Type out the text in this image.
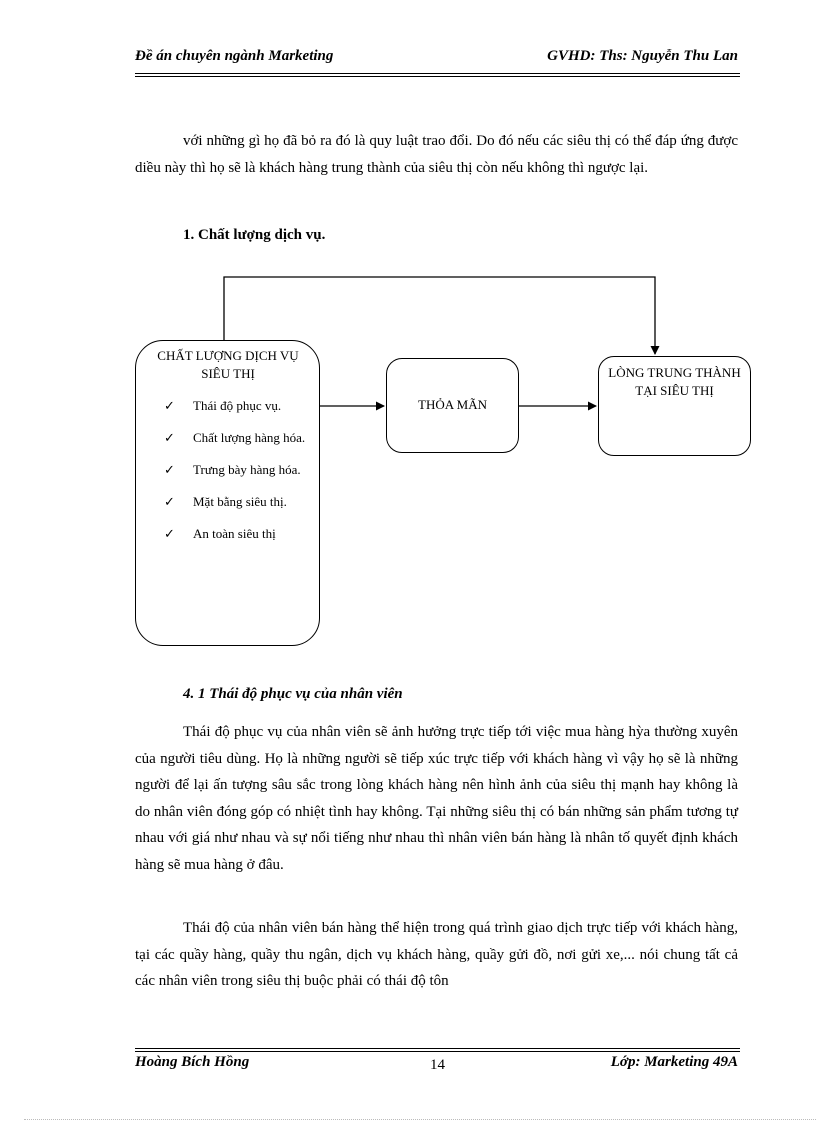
Đề án chuyên ngành Marketing	GVHD: Ths: Nguyễn Thu Lan
với những gì họ đã bỏ ra đó là quy luật trao đổi. Do đó nếu các siêu thị có thể đáp ứng được diều này thì họ sẽ là khách hàng trung thành của siêu thị còn nếu không thì ngược lại.
1. Chất lượng dịch vụ.
CHẤT LƯỢNG DỊCH VỤ SIÊU THỊ
✓ Thái độ phục vụ.
✓ Chất lượng hàng hóa.
✓ Trưng bày hàng hóa.
✓ Mặt bằng siêu thị.
✓ An toàn siêu thị
THỎA MÃN
LÒNG TRUNG THÀNH TẠI SIÊU THỊ
4. 1 Thái độ phục vụ của nhân viên
Thái độ phục vụ của nhân viên sẽ ảnh hưởng trực tiếp tới việc mua hàng hỳa thường xuyên của người tiêu dùng. Họ là những người sẽ tiếp xúc trực tiếp với khách hàng vì vậy họ sẽ là những người để lại ấn tượng sâu sắc trong lòng khách hàng nên hình ảnh của siêu thị mạnh hay không là do nhân viên đóng góp có nhiệt tình hay không. Tại những siêu thị có bán những sản phẩm tương tự nhau với giá như nhau và sự nổi tiếng như nhau thì nhân viên bán hàng là nhân tố quyết định khách hàng sẽ mua hàng ở đâu.
Thái độ của nhân viên bán hàng thể hiện trong quá trình giao dịch trực tiếp với khách hàng, tại các quầy hàng, quầy thu ngân, dịch vụ khách hàng, quầy gửi đồ, nơi gửi xe,... nói chung tất cả các nhân viên trong siêu thị buộc phải có thái độ tôn
Hoàng Bích Hồng	14	Lớp: Marketing 49A
